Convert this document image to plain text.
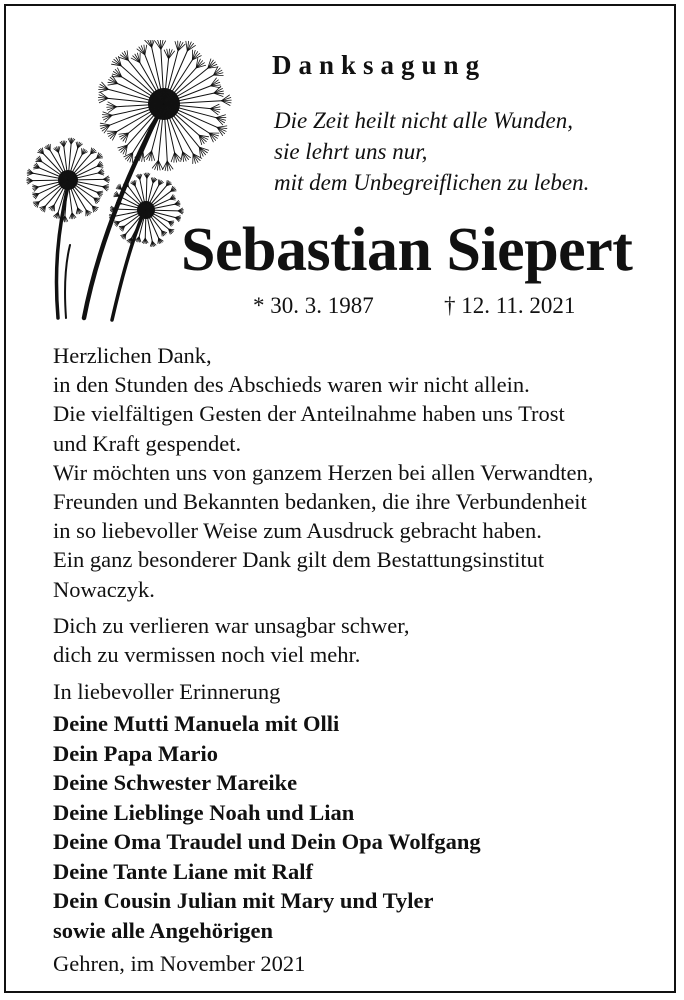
Danksagung
Die Zeit heilt nicht alle Wunden,
sie lehrt uns nur,
mit dem Unbegreiflichen zu leben.
Sebastian Siepert
* 30. 3. 1987	† 12. 11. 2021
Herzlichen Dank,
in den Stunden des Abschieds waren wir nicht allein.
Die vielfältigen Gesten der Anteilnahme haben uns Trost
und Kraft gespendet.
Wir möchten uns von ganzem Herzen bei allen Verwandten,
Freunden und Bekannten bedanken, die ihre Verbundenheit
in so liebevoller Weise zum Ausdruck gebracht haben.
Ein ganz besonderer Dank gilt dem Bestattungsinstitut
Nowaczyk.
Dich zu verlieren war unsagbar schwer,
dich zu vermissen noch viel mehr.
In liebevoller Erinnerung
Deine Mutti Manuela mit Olli
Dein Papa Mario
Deine Schwester Mareike
Deine Lieblinge Noah und Lian
Deine Oma Traudel und Dein Opa Wolfgang
Deine Tante Liane mit Ralf
Dein Cousin Julian mit Mary und Tyler
sowie alle Angehörigen
Gehren, im November 2021
